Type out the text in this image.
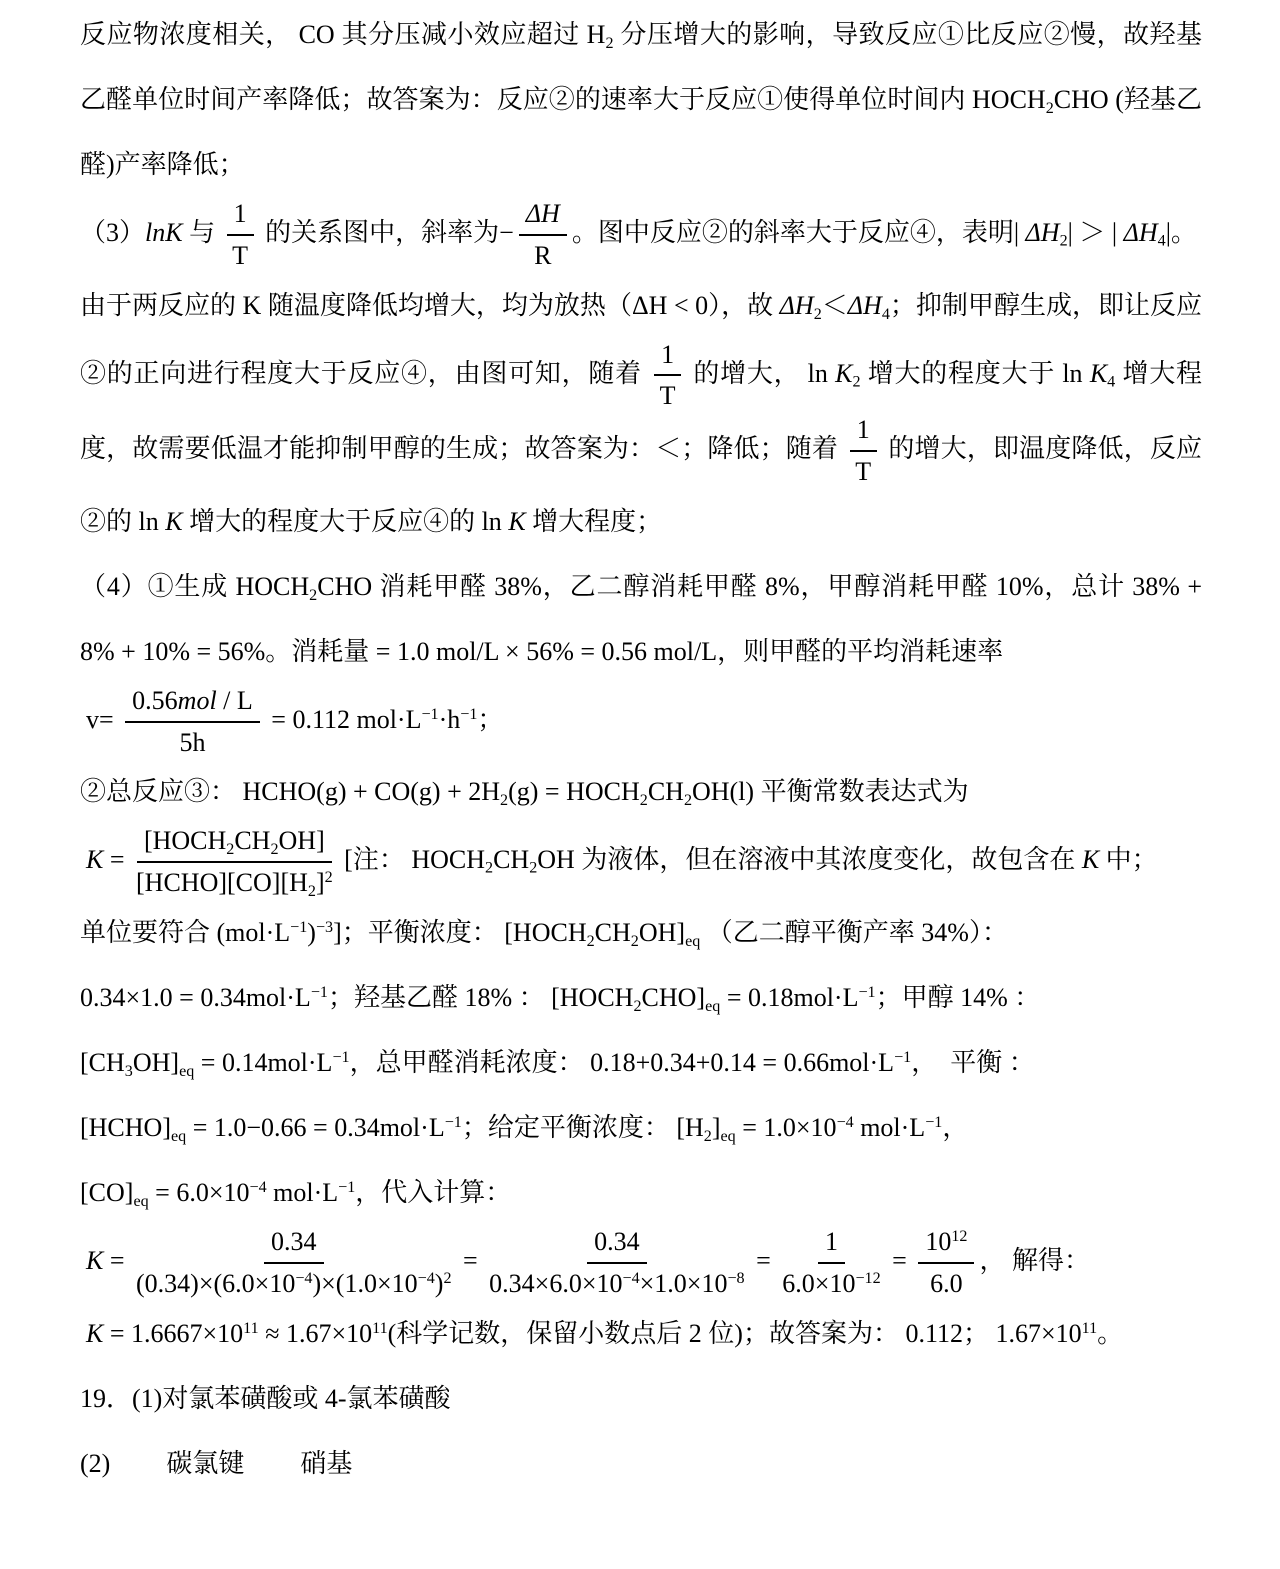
反应物浓度相关， CO 其分压减小效应超过 $H_2$ 分压增大的影响，导致反应①比反应②慢，故羟基乙醛单位时间产率降低；故答案为：反应②的速率大于反应①使得单位时间内 $HOCH_2CHO$ (羟基乙醛)产率降低；

（3）lnK 与 $\frac{1}{T}$ 的关系图中，斜率为− $\frac{\Delta H}{R}$ 。图中反应②的斜率大于反应④，表明| $\Delta H_2|$ ＞ | $\Delta H_4|$。

由于两反应的 K 随温度降低均增大，均为放热（ΔH < 0），故 $\Delta H_2<\Delta H_4$；抑制甲醇生成，即让反应②的正向进行程度大于反应④，由图可知，随着 $\frac{1}{T}$ 的增大， $\ln K_2$ 增大的程度大于 $\ln K_4$ 增大程度，故需要低温才能抑制甲醇的生成；故答案为：＜；降低；随着 $\frac{1}{T}$ 的增大，即温度降低，反应②的 ln K 增大的程度大于反应④的 ln K 增大程度；

（4）①生成 $HOCH_2CHO$ 消耗甲醛 38%，乙二醇消耗甲醛 8%，甲醇消耗甲醛 10%，总计 38% + 8% + 10% = 56%。消耗量 = 1.0 mol/L × 56% = 0.56 mol/L，则甲醛的平均消耗速率

$v= \frac{\text{0.56mol / L}}{5h} = 0.112$ $mol\cdot L^{-1}\cdot h^{-1}$；

②总反应③： HCHO(g) + $CO(g) + 2H_2(g)$ = $HOCH_2CH_2OH(l)$ 平衡常数表达式为

$K = \frac{[HOCH_2CH_2OH]}{[HCHO][CO][H_2]^2}$ [注： $HOCH_2CH_2OH$ 为液体，但在溶液中其浓度变化，故包含在 K 中；

单位要符合 $(mol\cdot L^{-1})^{-3}$]；平衡浓度： $[HOCH_2CH_2OH]_{eq}$ （乙二醇平衡产率 34%）：

$0.34\times 1.0 = 0.34mol\cdot L^{-1}$；羟基乙醛 18% ： $[HOCH_2CHO]_{eq} = 0.18mol\cdot L^{-1}$；甲醇 14% ：

$[CH_3OH]_{eq} = 0.14mol\cdot L^{-1}$，总甲醛消耗浓度： $0.18+0.34+0.14 = 0.66mol\cdot L^{-1}$，　平衡 ：

$[HCHO]_{eq} = 1.0-0.66 = 0.34mol\cdot L^{-1}$；给定平衡浓度： $[H_2]_{eq} = 1.0\times 10^{-4}$ $mol\cdot L^{-1}$，

$[CO]_{eq} = 6.0\times 10^{-4}$ $mol\cdot L^{-1}$，代入计算：

$K = \frac{0.34}{(0.34)\times(6.0\times 10^{-4})\times(1.0\times 10^{-4})^2} = \frac{0.34}{0.34\times 6.0\times 10^{-4}\times 1.0\times 10^{-8}} = \frac{1}{6.0\times 10^{-12}} = \frac{10^{12}}{6.0}$ ， 解得：

$K = 1.6667\times 10^{11} \approx 1.67\times 10^{11}$(科学记数，保留小数点后 2 位)；故答案为： 0.112； $1.67\times 10^{11}$。

19．(1)对氯苯磺酸或 4-氯苯磺酸

(2) 碳氯键 硝基
